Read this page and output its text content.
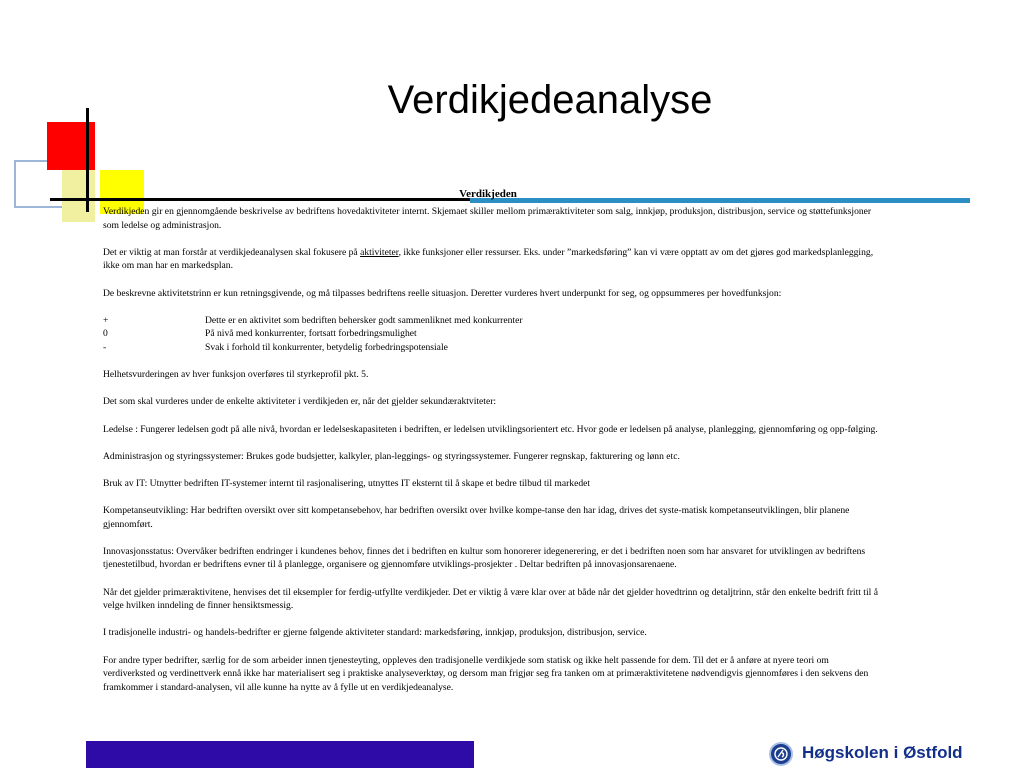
Verdikjedeanalyse
Verdikjeden

Verdikjeden gir en gjennomgående beskrivelse av bedriftens hovedaktiviteter internt. Skjemaet skiller mellom primæraktiviteter som salg, innkjøp, produksjon, distribusjon, service og støttefunksjoner som ledelse og administrasjon.

Det er viktig at man forstår at verdikjedeanalysen skal fokusere på aktiviteter, ikke funksjoner eller ressurser. Eks. under ”markedsføring” kan vi være opptatt av om det gjøres god markedsplanlegging, ikke om man har en markedsplan.

De beskrevne aktivitetstrinn er kun retningsgivende, og må tilpasses bedriftens reelle situasjon. Deretter vurderes hvert underpunkt for seg, og oppsummeres per hovedfunksjon:

+	Dette er en aktivitet som bedriften behersker godt sammenliknet med konkurrenter
0	På nivå med konkurrenter, fortsatt forbedringsmulighet
-	Svak i forhold til konkurrenter, betydelig forbedringspotensiale

Helhetsvurderingen av hver funksjon overføres til styrkeprofil pkt. 5.

Det som skal vurderes under de enkelte aktiviteter i verdikjeden er, når det gjelder sekundæraktviteter:

Ledelse : Fungerer ledelsen godt på alle nivå, hvordan er ledelseskapasiteten i bedriften, er ledelsen utviklingsorientert etc. Hvor gode er ledelsen på analyse, planlegging, gjennomføring og opp-følging.

Administrasjon og styringssystemer: Brukes gode budsjetter, kalkyler, plan-leggings- og styringssystemer. Fungerer regnskap, fakturering og lønn etc.

Bruk av IT: Utnytter bedriften IT-systemer internt til rasjonalisering, utnyttes IT eksternt til å skape et bedre tilbud til markedet

Kompetanseutvikling: Har bedriften oversikt over sitt kompetansebehov, har bedriften oversikt over hvilke kompe-tanse den har idag, drives det syste-matisk kompetanseutviklingen, blir planene gjennomført.

Innovasjonsstatus: Overvåker bedriften endringer i kundenes behov, finnes det i bedriften en kultur som honorerer idegenerering, er det i bedriften noen som har ansvaret for utviklingen av bedriftens tjenestetilbud, hvordan er bedriftens evner til å planlegge, organisere og gjennomføre utviklings-prosjekter . Deltar bedriften på innovasjonsarenaene.

Når det gjelder primæraktivitene, henvises det til eksempler for ferdig-utfyllte verdikjeder. Det er viktig å være klar over at både når det gjelder hovedtrinn og detaljtrinn, står den enkelte bedrift fritt til å velge hvilken inndeling de finner hensiktsmessig.

I tradisjonelle industri- og handels-bedrifter er gjerne følgende aktiviteter standard: markedsføring, innkjøp, produksjon, distribusjon, service.

For andre typer bedrifter, særlig for de som arbeider innen tjenesteyting, oppleves den tradisjonelle verdikjede som statisk og ikke helt passende for dem. Til det er å anføre at nyere teori om verdiverksted og verdinettverk ennå ikke har materialisert seg i praktiske analyseverktøy, og dersom man frigjør seg fra tanken om at primæraktivitetene nødvendigvis gjennomføres i den sekvens den framkommer i standard-analysen, vil alle kunne ha nytte av å fylle ut en verdikjedeanalyse.

Høgskolen i Østfold
